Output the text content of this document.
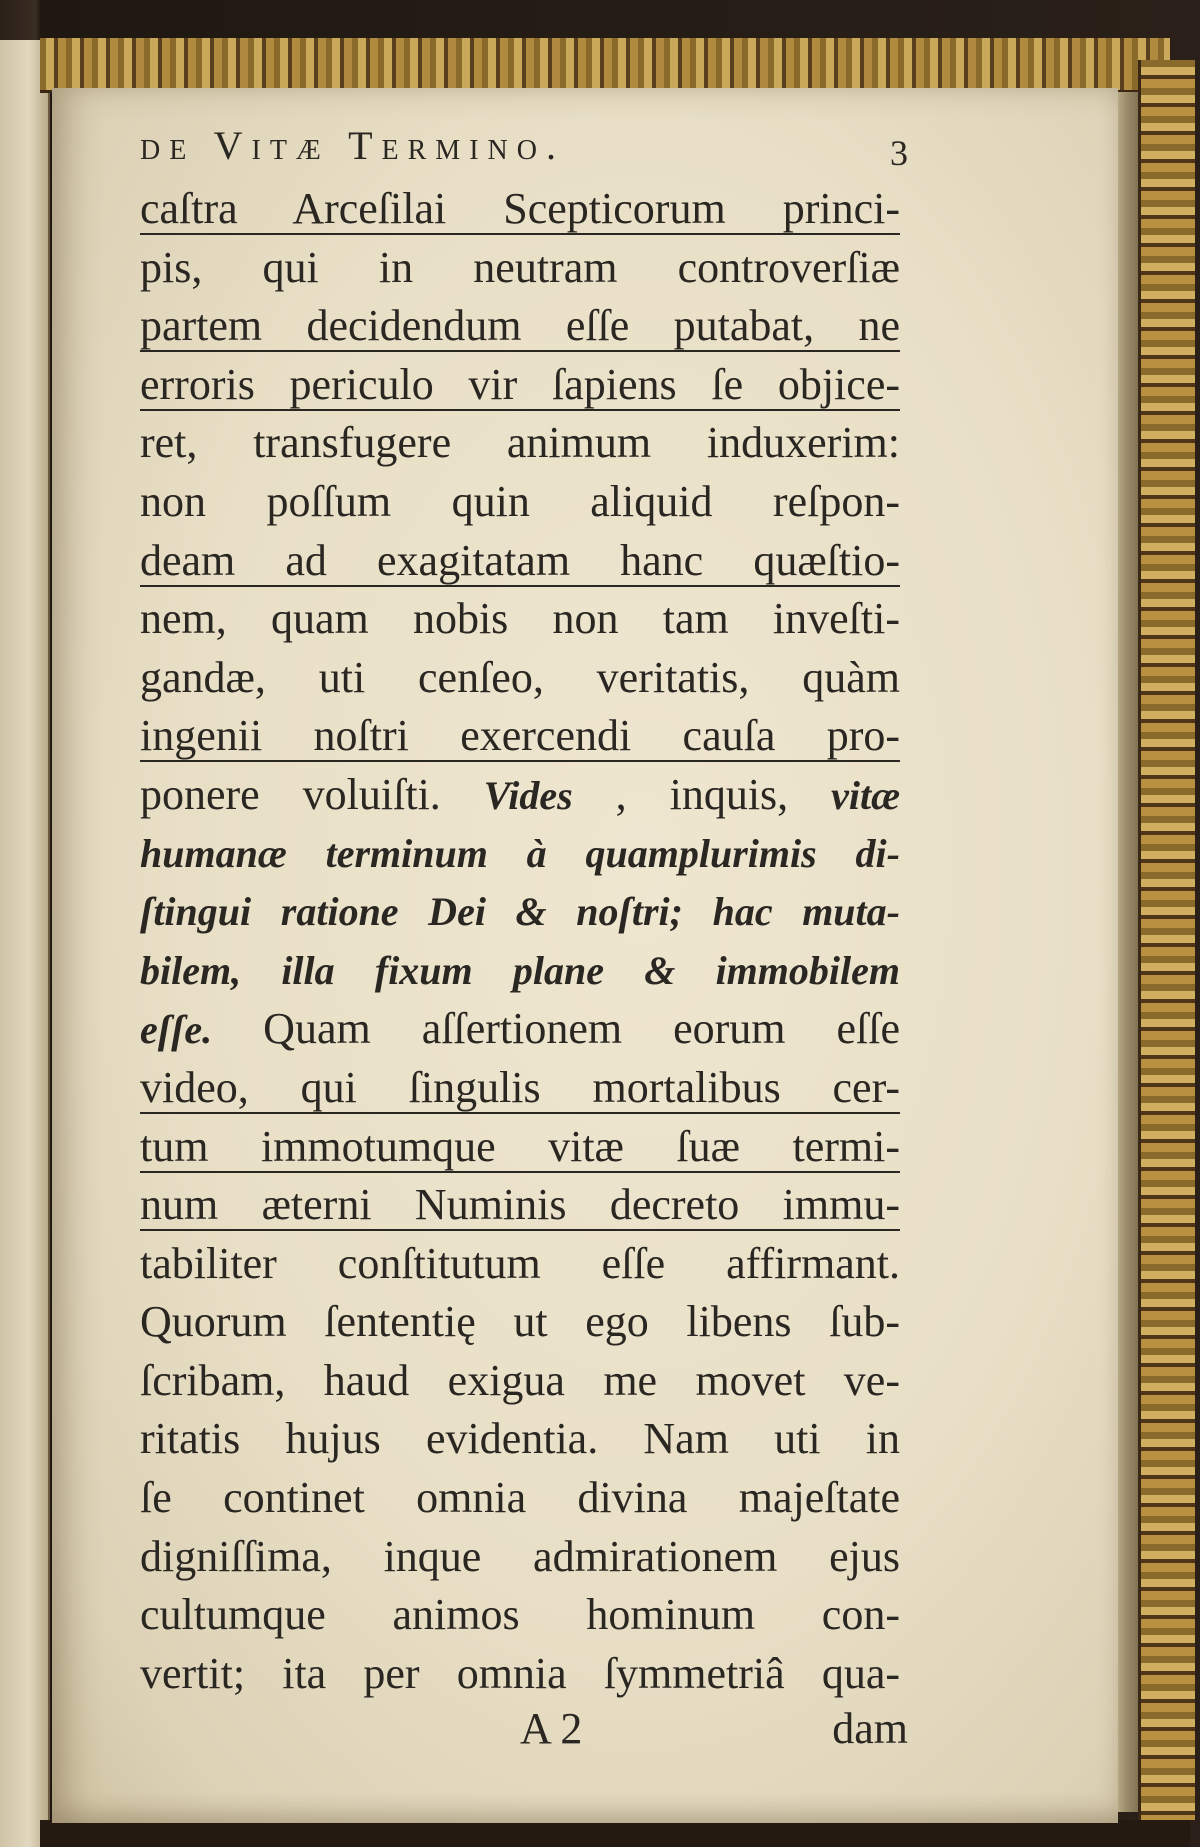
de Vitæ Termino.	3
caſtra Arceſilai Scepticorum princi-
pis, qui in neutram controverſiæ
partem decidendum eſſe putabat, ne
erroris periculo vir ſapiens ſe objice-
ret, transfugere animum induxerim:
non poſſum quin aliquid reſpon-
deam ad exagitatam hanc quæſtio-
nem, quam nobis non tam inveſti-
gandæ, uti cenſeo, veritatis, quàm
ingenii noſtri exercendi cauſa pro-
ponere voluiſti. Vides , inquis, vitæ
humanæ terminum à quamplurimis di-
ſtingui ratione Dei & noſtri; hac muta-
bilem, illa fixum plane & immobilem
eſſe. Quam aſſertionem eorum eſſe
video, qui ſingulis mortalibus cer-
tum immotumque vitæ ſuæ termi-
num æterni Numinis decreto immu-
tabiliter conſtitutum eſſe affirmant.
Quorum ſententię ut ego libens ſub-
ſcribam, haud exigua me movet ve-
ritatis hujus evidentia. Nam uti in
ſe continet omnia divina majeſtate
digniſſima, inque admirationem ejus
cultumque animos hominum con-
vertit; ita per omnia ſymmetriâ qua-
A 2	dam
